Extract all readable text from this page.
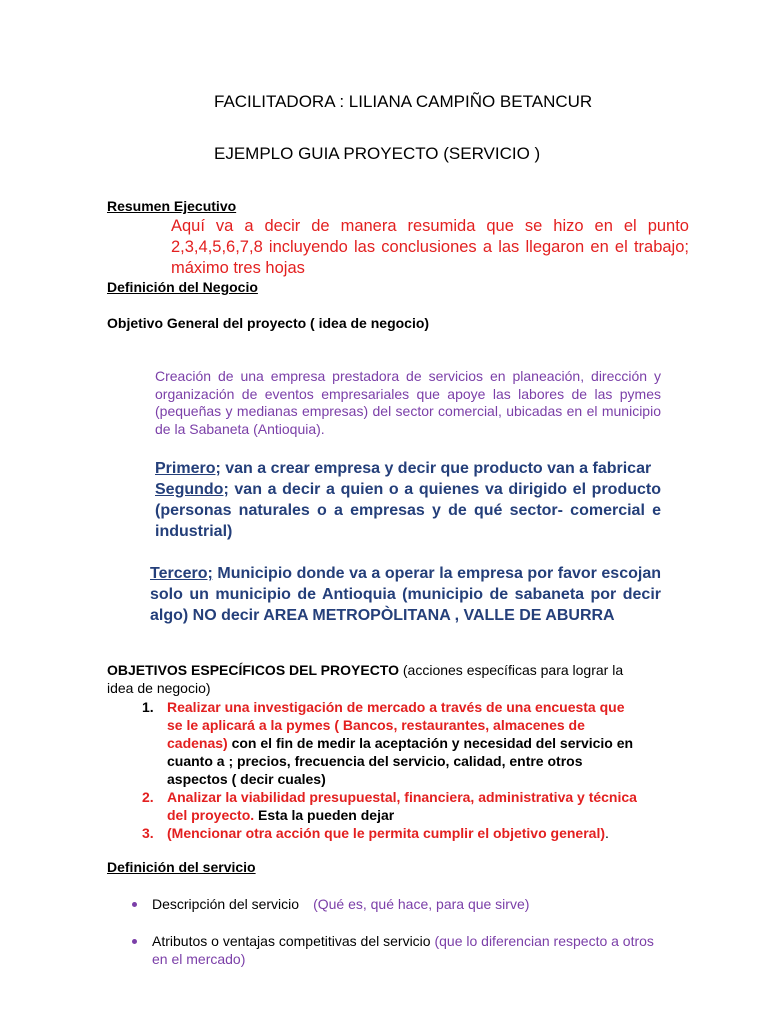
FACILITADORA : LILIANA CAMPIÑO BETANCUR
EJEMPLO GUIA PROYECTO (SERVICIO )
Resumen Ejecutivo
Aquí va a decir de manera resumida que se hizo en el punto 2,3,4,5,6,7,8 incluyendo las conclusiones a las llegaron en el trabajo; máximo tres hojas
Definición del Negocio
Objetivo General del proyecto ( idea de negocio)
Creación de una empresa prestadora de servicios en planeación, dirección y organización de eventos empresariales que apoye las labores de las pymes (pequeñas y medianas empresas) del sector comercial, ubicadas en el municipio de la Sabaneta (Antioquia).
Primero; van a crear empresa y decir que producto van a fabricar
Segundo; van a decir a quien o a quienes va dirigido el producto (personas naturales o a empresas y de qué sector- comercial e industrial)
Tercero; Municipio donde va a operar la empresa por favor escojan solo un municipio de Antioquia (municipio de sabaneta por decir algo) NO decir AREA METROPÒLITANA , VALLE DE ABURRA
OBJETIVOS ESPECÍFICOS DEL PROYECTO (acciones específicas para lograr la idea de negocio)
1. Realizar una investigación de mercado a través de una encuesta que se le aplicará a la pymes ( Bancos, restaurantes, almacenes de cadenas) con el fin de medir la aceptación y necesidad del servicio en cuanto a ; precios, frecuencia del servicio, calidad, entre otros aspectos ( decir cuales)
2. Analizar la viabilidad presupuestal, financiera, administrativa y técnica del proyecto. Esta la pueden dejar
3. (Mencionar otra acción que le permita cumplir el objetivo general).
Definición del servicio
Descripción del servicio (Qué es, qué hace, para que sirve)
Atributos o ventajas competitivas del servicio (que lo diferencian respecto a otros en el mercado)
